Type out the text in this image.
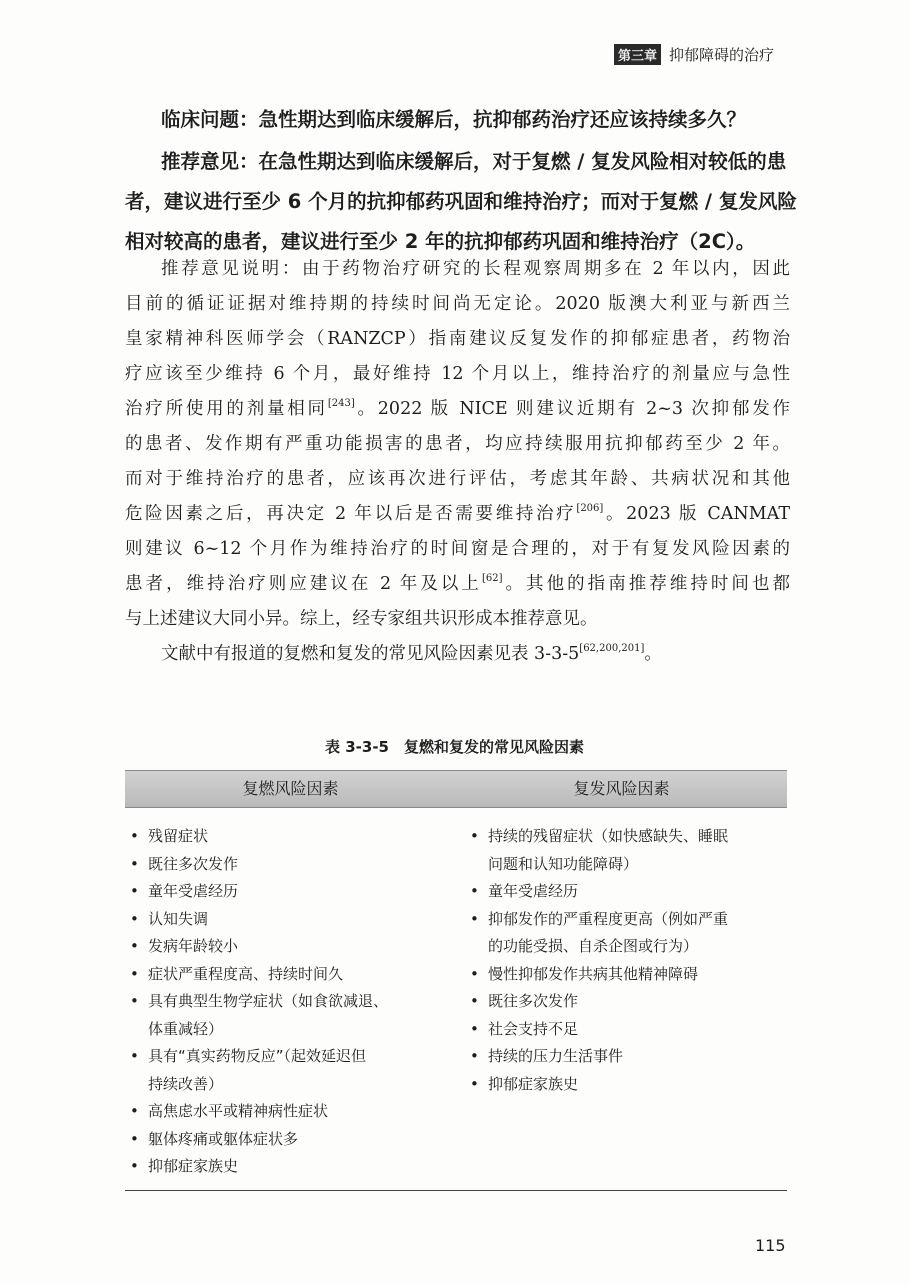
第三章 抑郁障碍的治疗
临床问题：急性期达到临床缓解后，抗抑郁药治疗还应该持续多久？
推荐意见：在急性期达到临床缓解后，对于复燃 / 复发风险相对较低的患
者，建议进行至少 6 个月的抗抑郁药巩固和维持治疗；而对于复燃 / 复发风险
相对较高的患者，建议进行至少 2 年的抗抑郁药巩固和维持治疗（2C）。
推荐意见说明：由于药物治疗研究的长程观察周期多在 2 年以内，因此
目前的循证证据对维持期的持续时间尚无定论。2020 版澳大利亚与新西兰
皇家精神科医师学会（RANZCP）指南建议反复发作的抑郁症患者，药物治
疗应该至少维持 6 个月，最好维持 12 个月以上，维持治疗的剂量应与急性
治疗所使用的剂量相同[243]。2022 版 NICE 则建议近期有 2~3 次抑郁发作
的患者、发作期有严重功能损害的患者，均应持续服用抗抑郁药至少 2 年。
而对于维持治疗的患者，应该再次进行评估，考虑其年龄、共病状况和其他
危险因素之后，再决定 2 年以后是否需要维持治疗[206]。2023 版 CANMAT
则建议 6~12 个月作为维持治疗的时间窗是合理的，对于有复发风险因素的
患者，维持治疗则应建议在 2 年及以上[62]。其他的指南推荐维持时间也都
与上述建议大同小异。综上，经专家组共识形成本推荐意见。
文献中有报道的复燃和复发的常见风险因素见表 3-3-5[62,200,201]。
表 3-3-5　复燃和复发的常见风险因素
复燃风险因素	复发风险因素
• 残留症状
• 既往多次发作
• 童年受虐经历
• 认知失调
• 发病年龄较小
• 症状严重程度高、持续时间久
• 具有典型生物学症状（如食欲减退、
体重减轻）
• 具有“真实药物反应”（起效延迟但
持续改善）
• 高焦虑水平或精神病性症状
• 躯体疼痛或躯体症状多
• 抑郁症家族史
• 持续的残留症状（如快感缺失、睡眠
问题和认知功能障碍）
• 童年受虐经历
• 抑郁发作的严重程度更高（例如严重
的功能受损、自杀企图或行为）
• 慢性抑郁发作共病其他精神障碍
• 既往多次发作
• 社会支持不足
• 持续的压力生活事件
• 抑郁症家族史
115
